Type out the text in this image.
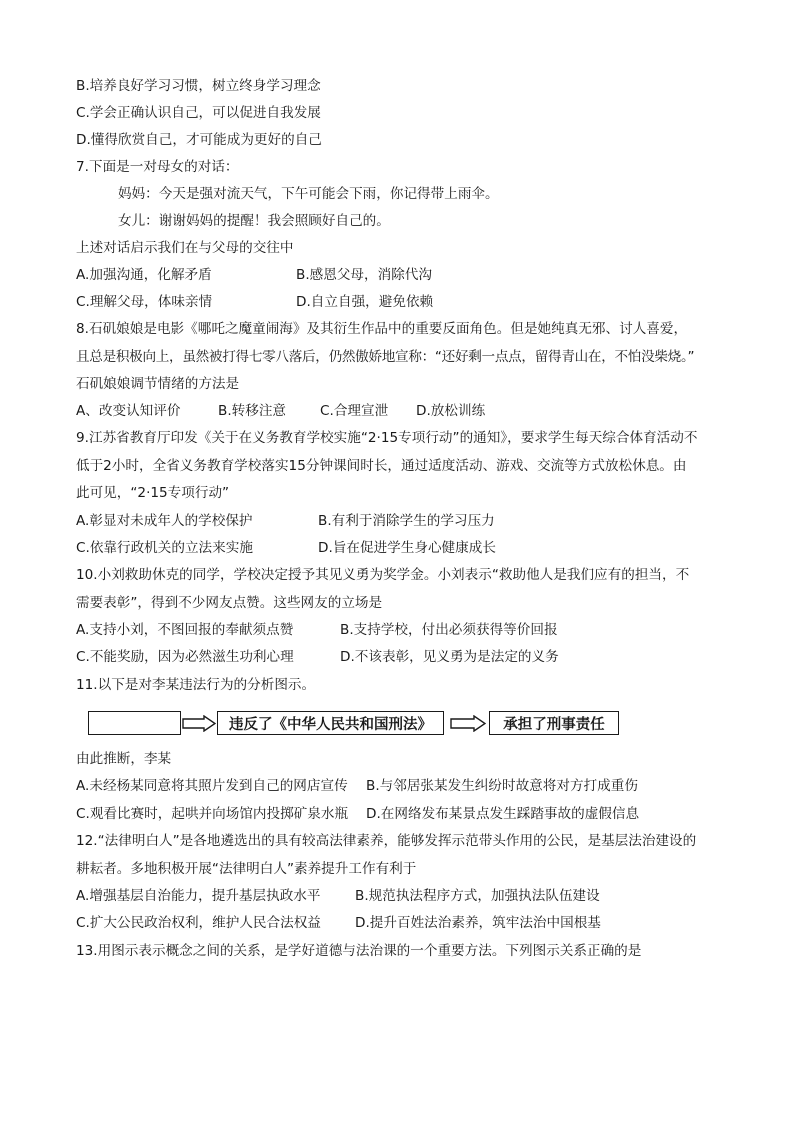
B.培养良好学习习惯，树立终身学习理念
C.学会正确认识自己，可以促进自我发展
D.懂得欣赏自己，才可能成为更好的自己
7.下面是一对母女的对话：
妈妈：今天是强对流天气，下午可能会下雨，你记得带上雨伞。
女儿：谢谢妈妈的提醒！我会照顾好自己的。
上述对话启示我们在与父母的交往中
A.加强沟通，化解矛盾	B.感恩父母，消除代沟
C.理解父母，体味亲情	D.自立自强，避免依赖
8.石矶娘娘是电影《哪吒之魔童闹海》及其衍生作品中的重要反面角色。但是她纯真无邪、讨人喜爱，
且总是积极向上，虽然被打得七零八落后，仍然傲娇地宣称：“还好剩一点点，留得青山在，不怕没柴烧。”
石矶娘娘调节情绪的方法是
A、改变认知评价	B.转移注意 C.合理宣泄 D.放松训练
9.江苏省教育厅印发《关于在义务教育学校实施“2·15专项行动”的通知》，要求学生每天综合体育活动不
低于2小时，全省义务教育学校落实15分钟课间时长，通过适度活动、游戏、交流等方式放松休息。由
此可见，“2·15专项行动”
A.彰显对未成年人的学校保护	B.有利于消除学生的学习压力
C.依靠行政机关的立法来实施	D.旨在促进学生身心健康成长
10.小刘救助休克的同学，学校决定授予其见义勇为奖学金。小刘表示“救助他人是我们应有的担当，不
需要表彰”，得到不少网友点赞。这些网友的立场是
A.支持小刘，不图回报的奉献须点赞	B.支持学校，付出必须获得等价回报
C.不能奖励，因为必然滋生功利心理	D.不该表彰，见义勇为是法定的义务
11.以下是对李某违法行为的分析图示。
违反了《中华人民共和国刑法》	承担了刑事责任
由此推断，李某
A.未经杨某同意将其照片发到自己的网店宣传 B.与邻居张某发生纠纷时故意将对方打成重伤
C.观看比赛时，起哄并向场馆内投掷矿泉水瓶 D.在网络发布某景点发生踩踏事故的虚假信息
12.“法律明白人”是各地遴选出的具有较高法律素养，能够发挥示范带头作用的公民，是基层法治建设的
耕耘者。多地积极开展“法律明白人”素养提升工作有利于
A.增强基层自治能力，提升基层执政水平	B.规范执法程序方式，加强执法队伍建设
C.扩大公民政治权利，维护人民合法权益	D.提升百姓法治素养，筑牢法治中国根基
13.用图示表示概念之间的关系，是学好道德与法治课的一个重要方法。下列图示关系正确的是
